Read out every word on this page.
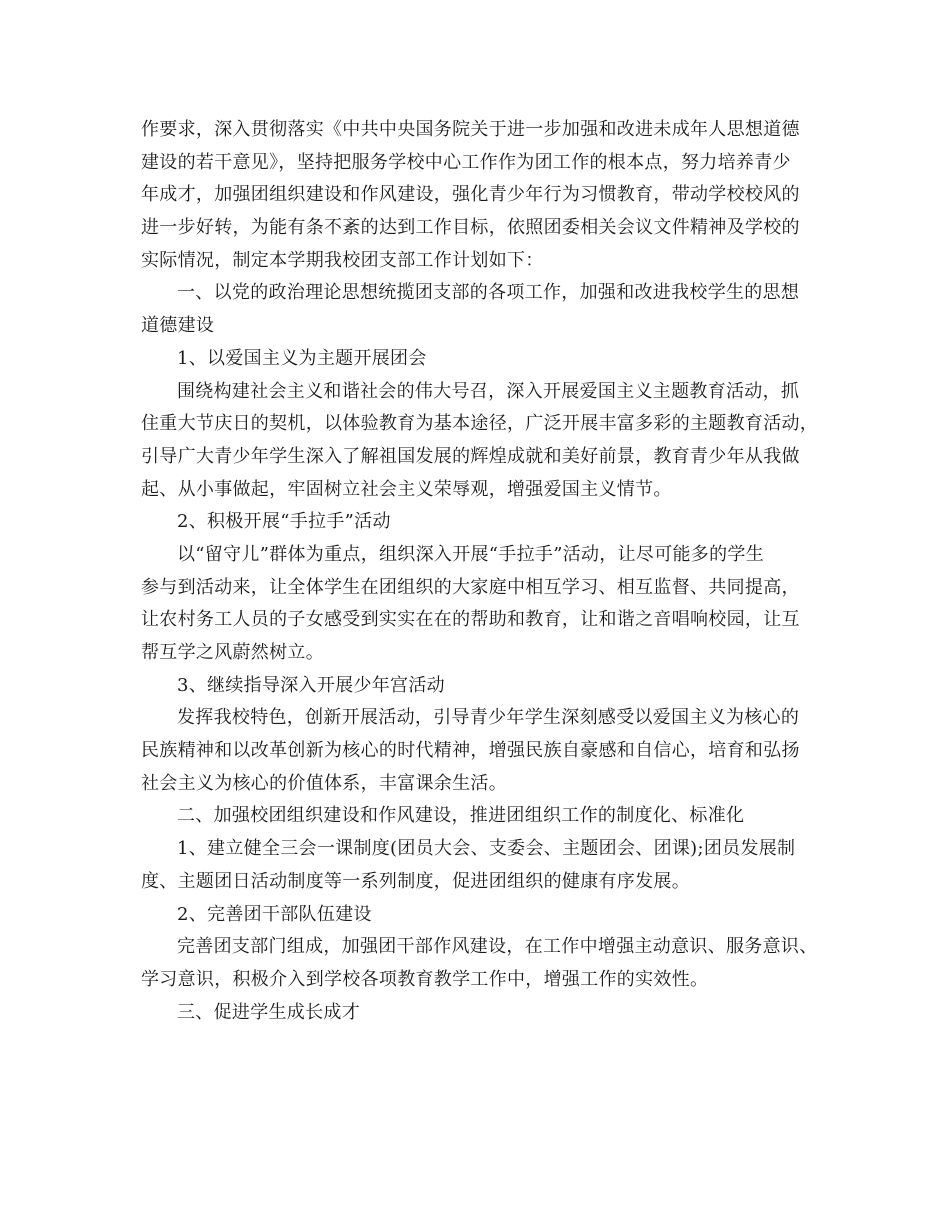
作要求，深入贯彻落实《中共中央国务院关于进一步加强和改进未成年人思想道德
建设的若干意见》，坚持把服务学校中心工作作为团工作的根本点，努力培养青少
年成才，加强团组织建设和作风建设，强化青少年行为习惯教育，带动学校校风的
进一步好转，为能有条不紊的达到工作目标，依照团委相关会议文件精神及学校的
实际情况，制定本学期我校团支部工作计划如下：
一、以党的政治理论思想统揽团支部的各项工作，加强和改进我校学生的思想
道德建设
1、以爱国主义为主题开展团会
围绕构建社会主义和谐社会的伟大号召，深入开展爱国主义主题教育活动，抓
住重大节庆日的契机，以体验教育为基本途径，广泛开展丰富多彩的主题教育活动，
引导广大青少年学生深入了解祖国发展的辉煌成就和美好前景，教育青少年从我做
起、从小事做起，牢固树立社会主义荣辱观，增强爱国主义情节。
2、积极开展“手拉手”活动
以“留守儿”群体为重点，组织深入开展“手拉手”活动，让尽可能多的学生
参与到活动来，让全体学生在团组织的大家庭中相互学习、相互监督、共同提高，
让农村务工人员的子女感受到实实在在的帮助和教育，让和谐之音唱响校园，让互
帮互学之风蔚然树立。
3、继续指导深入开展少年宫活动
发挥我校特色，创新开展活动，引导青少年学生深刻感受以爱国主义为核心的
民族精神和以改革创新为核心的时代精神，增强民族自豪感和自信心，培育和弘扬
社会主义为核心的价值体系，丰富课余生活。
二、加强校团组织建设和作风建设，推进团组织工作的制度化、标准化
1、建立健全三会一课制度(团员大会、支委会、主题团会、团课);团员发展制
度、主题团日活动制度等一系列制度，促进团组织的健康有序发展。
2、完善团干部队伍建设
完善团支部门组成，加强团干部作风建设，在工作中增强主动意识、服务意识、
学习意识，积极介入到学校各项教育教学工作中，增强工作的实效性。
三、促进学生成长成才
